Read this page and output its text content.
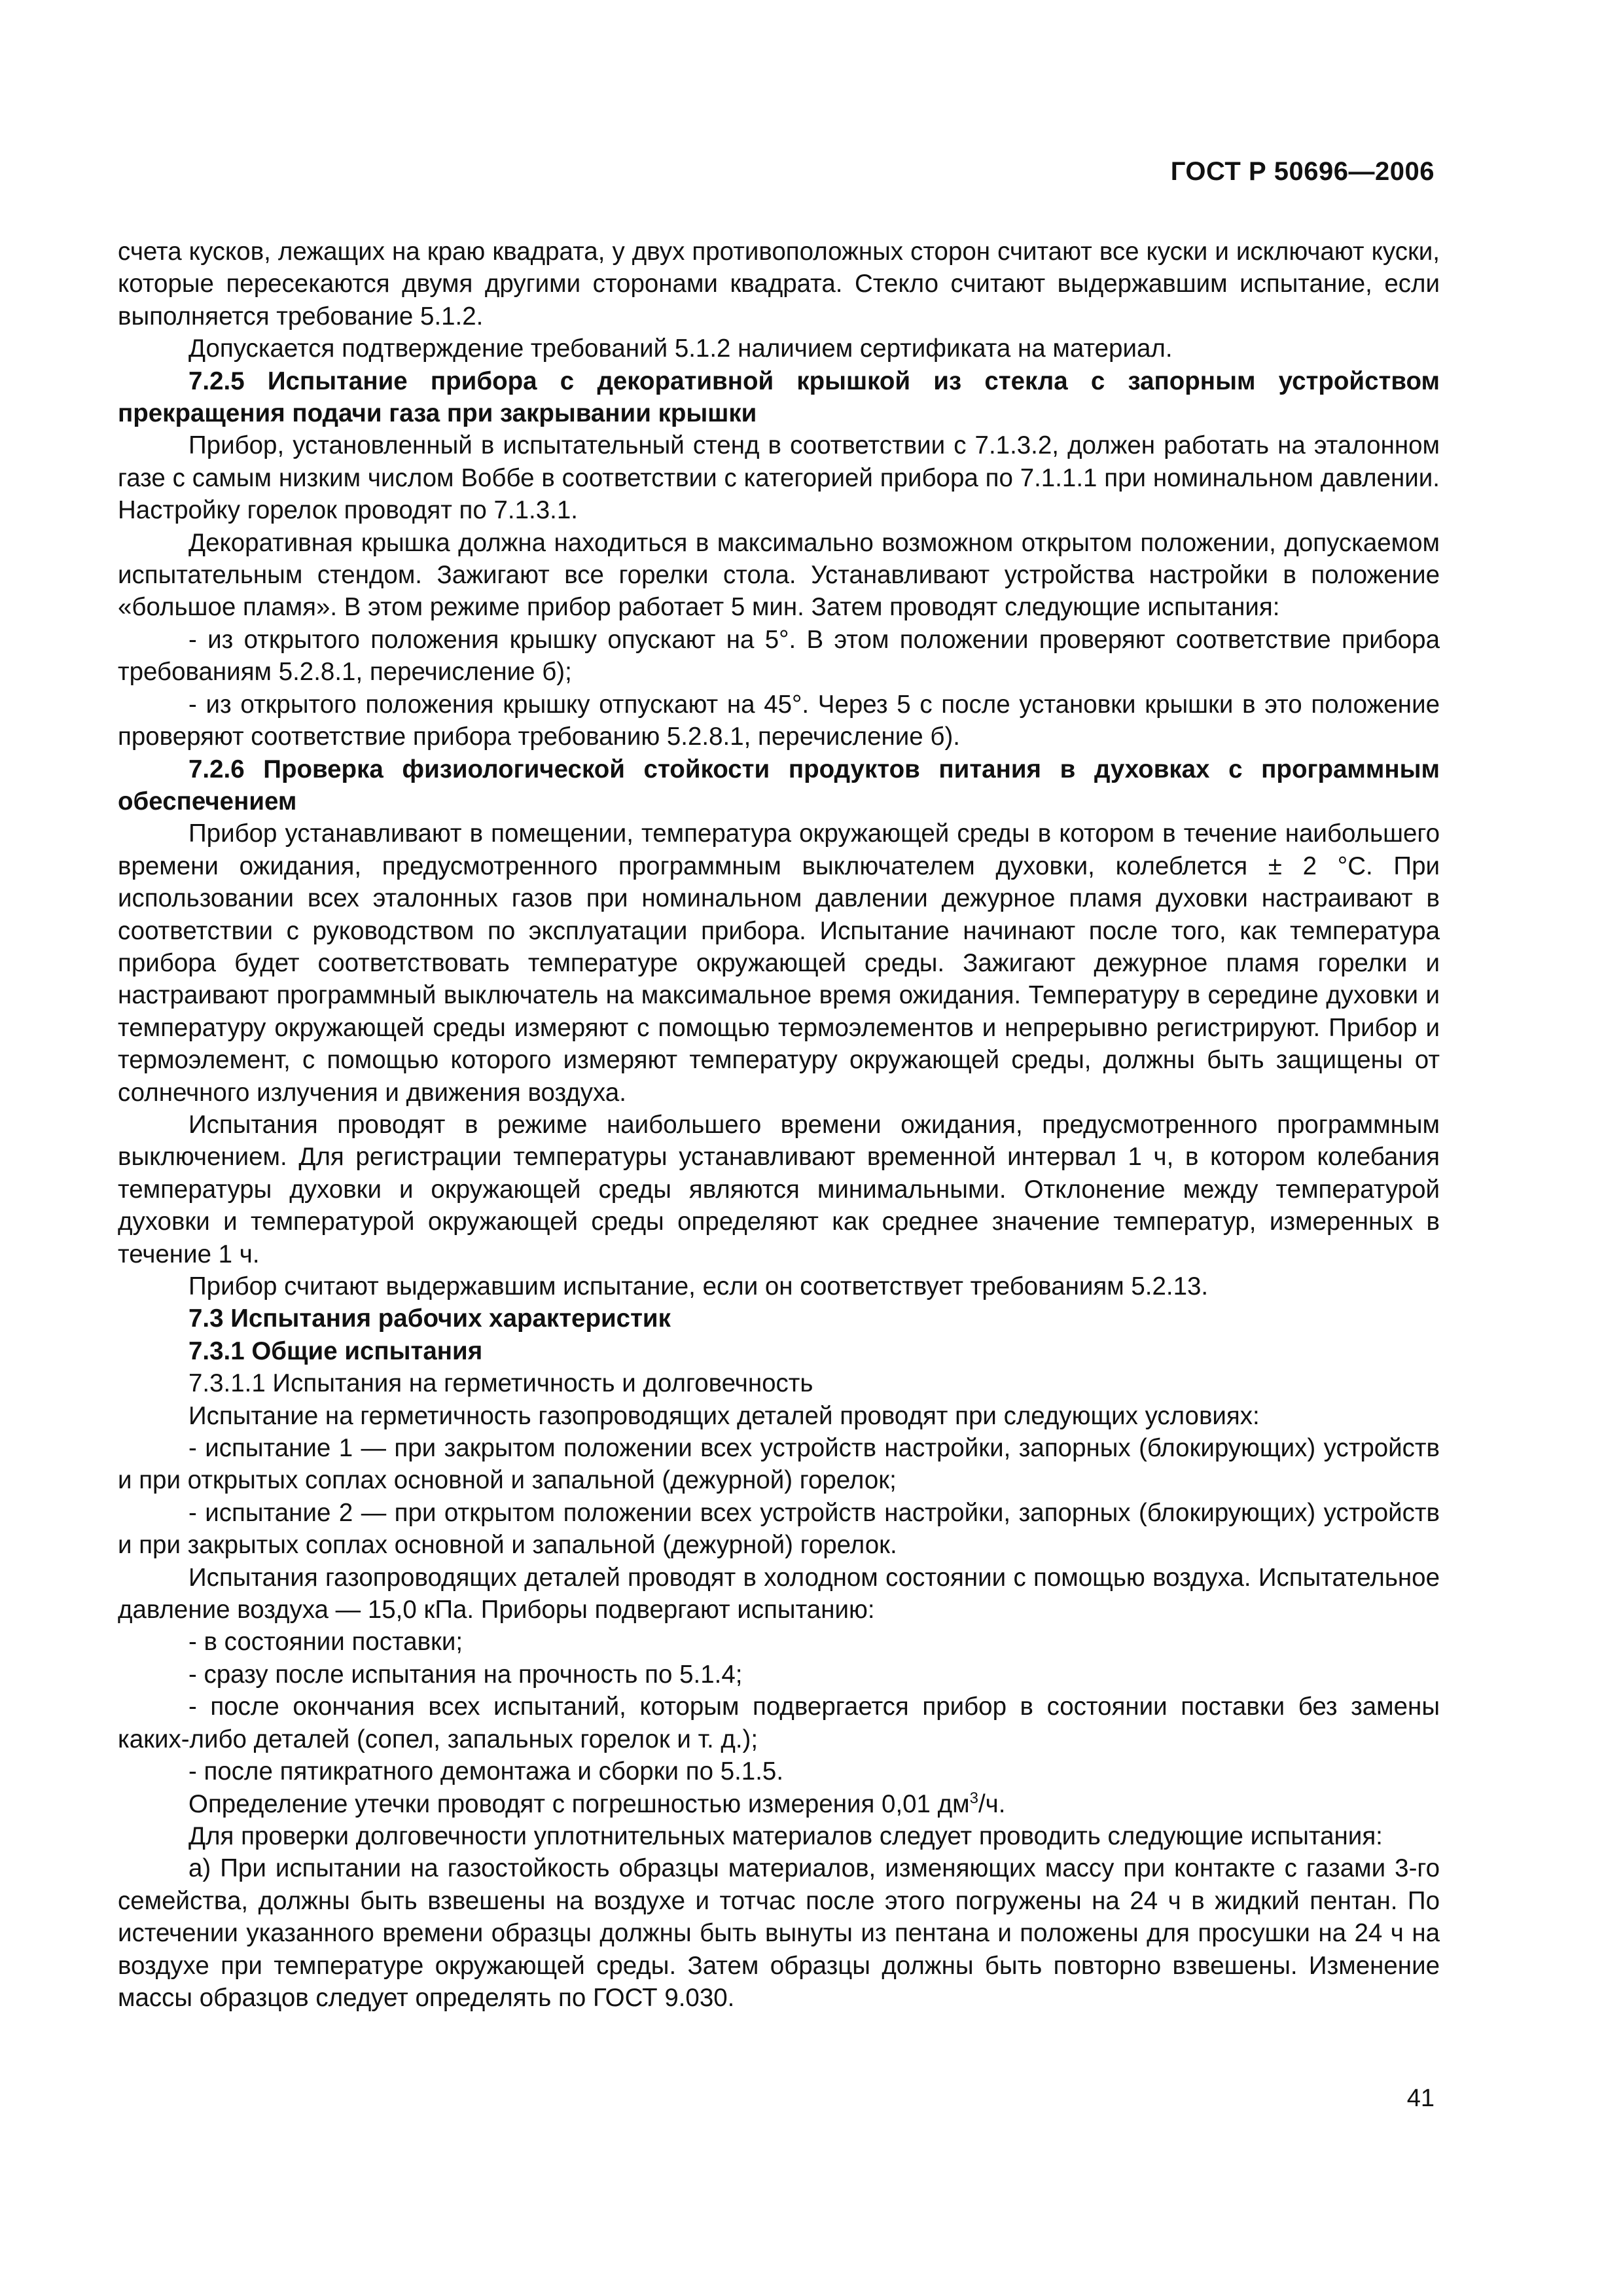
ГОСТ Р 50696—2006

счета кусков, лежащих на краю квадрата, у двух противоположных сторон считают все куски и исключают куски, которые пересекаются двумя другими сторонами квадрата. Стекло считают выдержавшим испытание, если выполняется требование 5.1.2.

Допускается подтверждение требований 5.1.2 наличием сертификата на материал.

7.2.5 Испытание прибора с декоративной крышкой из стекла с запорным устройством прекращения подачи газа при закрывании крышки

Прибор, установленный в испытательный стенд в соответствии с 7.1.3.2, должен работать на эталонном газе с самым низким числом Воббе в соответствии с категорией прибора по 7.1.1.1 при номинальном давлении. Настройку горелок проводят по 7.1.3.1.

Декоративная крышка должна находиться в максимально возможном открытом положении, допускаемом испытательным стендом. Зажигают все горелки стола. Устанавливают устройства настройки в положение «большое пламя». В этом режиме прибор работает 5 мин. Затем проводят следующие испытания:

- из открытого положения крышку опускают на 5°. В этом положении проверяют соответствие прибора требованиям 5.2.8.1, перечисление б);

- из открытого положения крышку отпускают на 45°. Через 5 с после установки крышки в это положение проверяют соответствие прибора требованию 5.2.8.1, перечисление б).

7.2.6 Проверка физиологической стойкости продуктов питания в духовках с программным обеспечением

Прибор устанавливают в помещении, температура окружающей среды в котором в течение наибольшего времени ожидания, предусмотренного программным выключателем духовки, колеблется ± 2 °С. При использовании всех эталонных газов при номинальном давлении дежурное пламя духовки настраивают в соответствии с руководством по эксплуатации прибора. Испытание начинают после того, как температура прибора будет соответствовать температуре окружающей среды. Зажигают дежурное пламя горелки и настраивают программный выключатель на максимальное время ожидания. Температуру в середине духовки и температуру окружающей среды измеряют с помощью термоэлементов и непрерывно регистрируют. Прибор и термоэлемент, с помощью которого измеряют температуру окружающей среды, должны быть защищены от солнечного излучения и движения воздуха.

Испытания проводят в режиме наибольшего времени ожидания, предусмотренного программным выключением. Для регистрации температуры устанавливают временной интервал 1 ч, в котором колебания температуры духовки и окружающей среды являются минимальными. Отклонение между температурой духовки и температурой окружающей среды определяют как среднее значение температур, измеренных в течение 1 ч.

Прибор считают выдержавшим испытание, если он соответствует требованиям 5.2.13.

7.3 Испытания рабочих характеристик

7.3.1 Общие испытания

7.3.1.1 Испытания на герметичность и долговечность

Испытание на герметичность газопроводящих деталей проводят при следующих условиях:

- испытание 1 — при закрытом положении всех устройств настройки, запорных (блокирующих) устройств и при открытых соплах основной и запальной (дежурной) горелок;

- испытание 2 — при открытом положении всех устройств настройки, запорных (блокирующих) устройств и при закрытых соплах основной и запальной (дежурной) горелок.

Испытания газопроводящих деталей проводят в холодном состоянии с помощью воздуха. Испытательное давление воздуха — 15,0 кПа. Приборы подвергают испытанию:

- в состоянии поставки;

- сразу после испытания на прочность по 5.1.4;

- после окончания всех испытаний, которым подвергается прибор в состоянии поставки без замены каких-либо деталей (сопел, запальных горелок и т. д.);

- после пятикратного демонтажа и сборки по 5.1.5.

Определение утечки проводят с погрешностью измерения 0,01 $дм^3/ч$.

Для проверки долговечности уплотнительных материалов следует проводить следующие испытания:

а) При испытании на газостойкость образцы материалов, изменяющих массу при контакте с газами 3-го семейства, должны быть взвешены на воздухе и тотчас после этого погружены на 24 ч в жидкий пентан. По истечении указанного времени образцы должны быть вынуты из пентана и положены для просушки на 24 ч на воздухе при температуре окружающей среды. Затем образцы должны быть повторно взвешены. Изменение массы образцов следует определять по ГОСТ 9.030.

41
